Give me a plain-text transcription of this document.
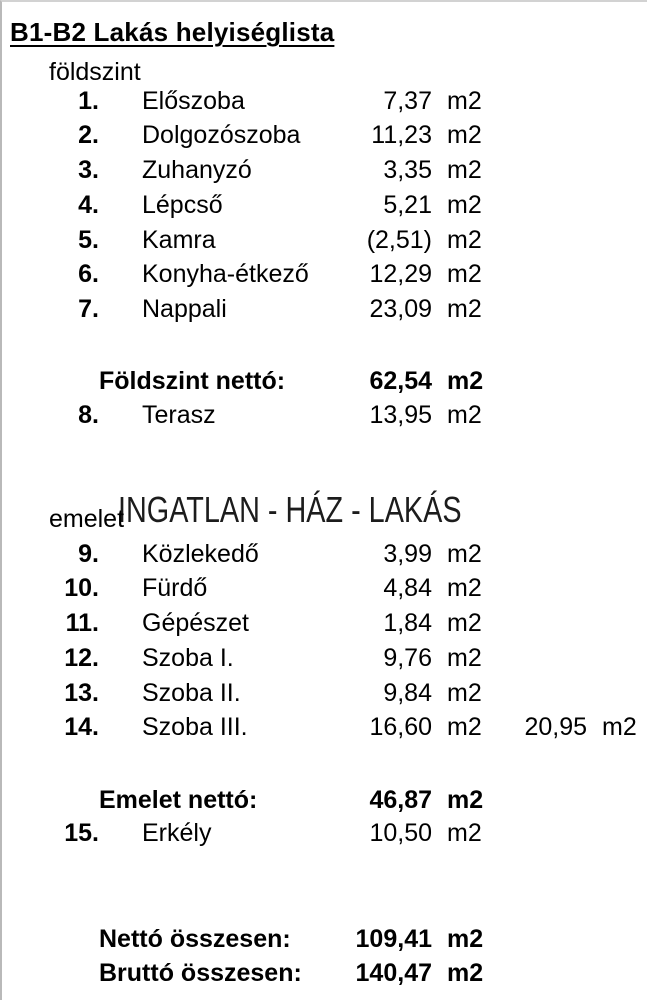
B1-B2 Lakás helyiséglista
földszint
INGATLAN - HÁZ - LAKÁS
emelet
1. Előszoba	7,37 m2
2. Dolgozószoba	11,23 m2
3. Zuhanyzó	3,35 m2
4. Lépcső	5,21 m2
5. Kamra	(2,51) m2
6. Konyha-étkező	12,29 m2
7. Nappali	23,09 m2
Földszint nettó:	62,54 m2
8. Terasz	13,95 m2
9. Közlekedő	3,99 m2
10. Fürdő	4,84 m2
11. Gépészet	1,84 m2
12. Szoba I.	9,76 m2
13. Szoba II.	9,84 m2
14. Szoba III.	16,60 m2	20,95 m2
Emelet nettó:	46,87 m2
15. Erkély	10,50 m2
Nettó összesen:	109,41 m2
Bruttó összesen:	140,47 m2
